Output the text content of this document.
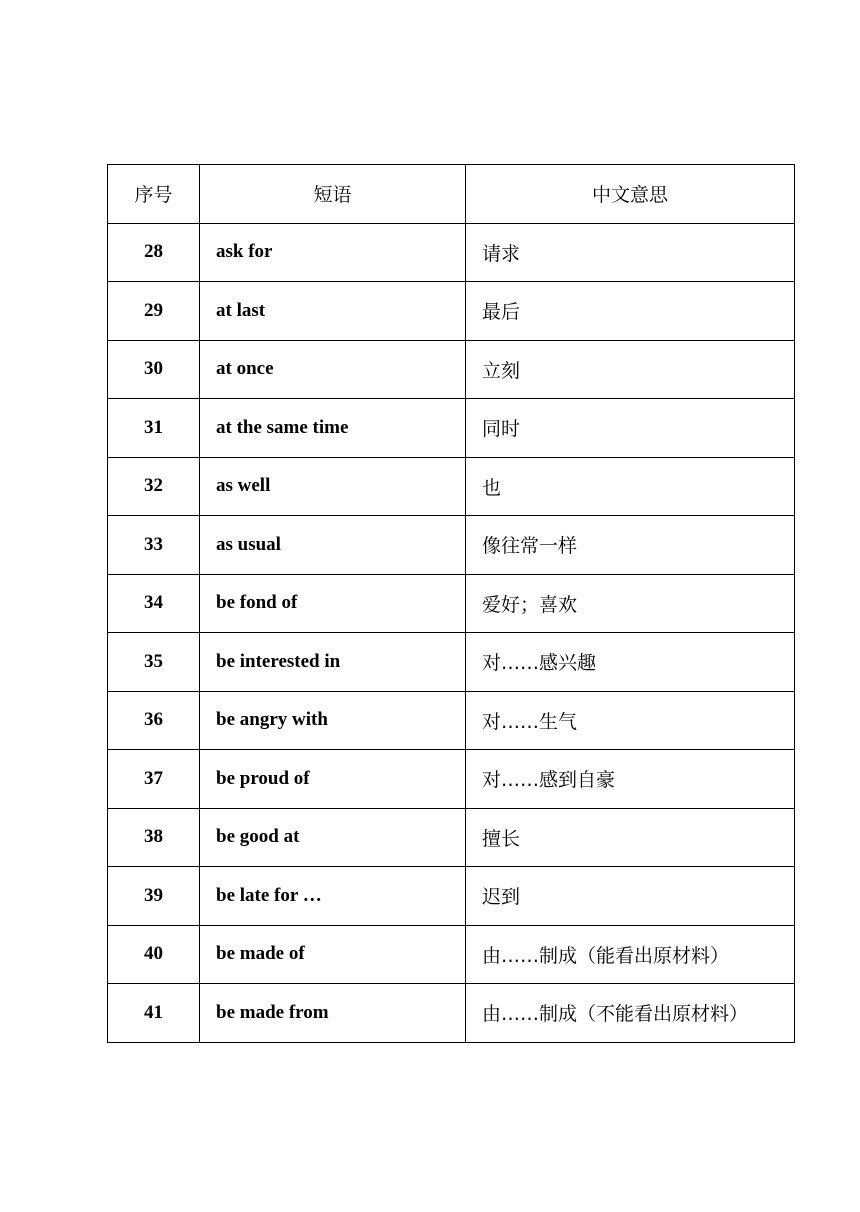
序号	短语	中文意思
28	ask for	请求
29	at last	最后
30	at once	立刻
31	at the same time	同时
32	as well	也
33	as usual	像往常一样
34	be fond of	爱好；喜欢
35	be interested in	对……感兴趣
36	be angry with	对……生气
37	be proud of	对……感到自豪
38	be good at	擅长
39	be late for …	迟到
40	be made of	由……制成（能看出原材料）
41	be made from	由……制成（不能看出原材料）
